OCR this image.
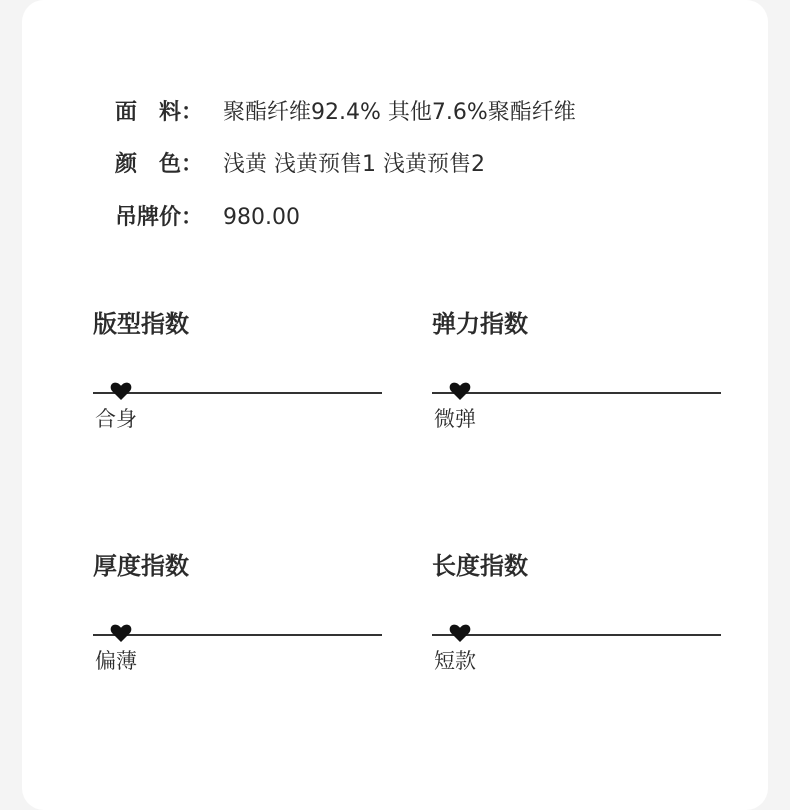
面　料： 聚酯纤维92.4% 其他7.6%聚酯纤维
颜　色： 浅黄 浅黄预售1 浅黄预售2
吊牌价： 980.00
版型指数
合身
弹力指数
微弹
厚度指数
偏薄
长度指数
短款
